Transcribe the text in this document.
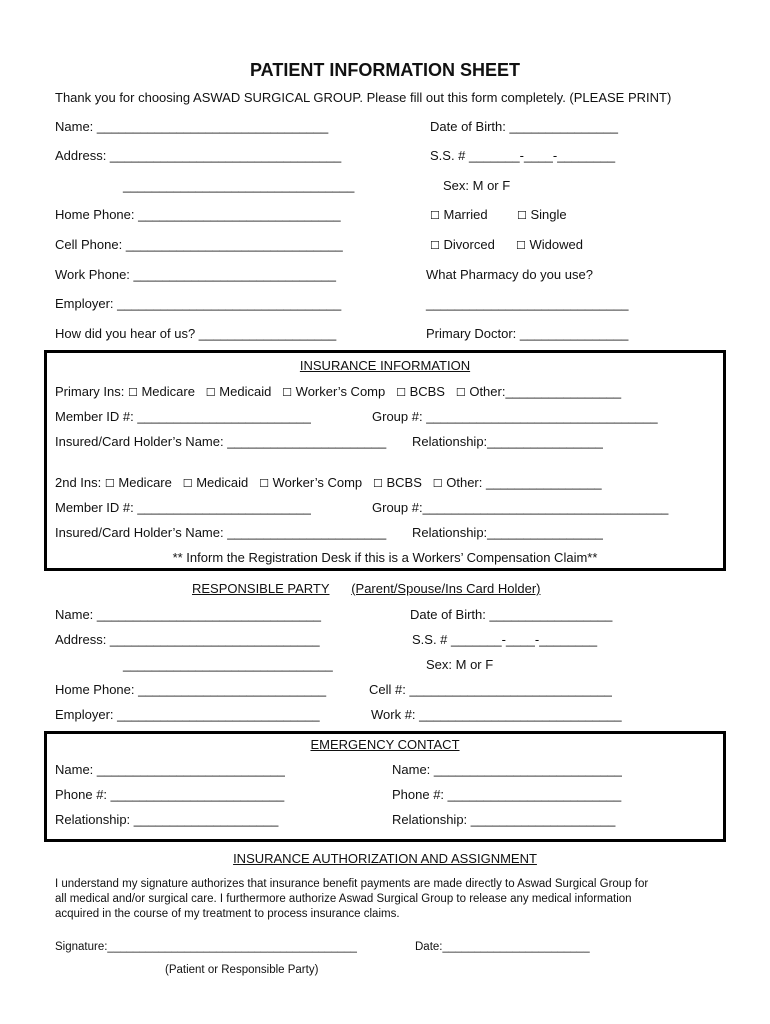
PATIENT INFORMATION SHEET
Thank you for choosing ASWAD SURGICAL GROUP. Please fill out this form completely. (PLEASE PRINT)
Name: ________________________________	Date of Birth: _______________
Address: ________________________________	S.S. # _______-____-________
________________________________	Sex: M or F
Home Phone: ____________________________	☐ Married	☐ Single
Cell Phone: ______________________________	☐ Divorced ☐ Widowed
Work Phone: ____________________________	What Pharmacy do you use?
Employer: _______________________________	____________________________
How did you hear of us? ___________________	Primary Doctor: _______________
INSURANCE INFORMATION
Primary Ins: ☐ Medicare ☐ Medicaid ☐ Worker’s Comp ☐ BCBS ☐ Other:________________
Member ID #: ________________________	Group #: ________________________________
Insured/Card Holder’s Name: ______________________ Relationship:________________
2nd Ins: ☐ Medicare ☐ Medicaid ☐ Worker’s Comp ☐ BCBS ☐ Other: ________________
Member ID #: ________________________	Group #:__________________________________
Insured/Card Holder’s Name: ______________________ Relationship:________________
** Inform the Registration Desk if this is a Workers’ Compensation Claim**
RESPONSIBLE PARTY (Parent/Spouse/Ins Card Holder)
Name: _______________________________	Date of Birth: _________________
Address: _____________________________	S.S. # _______-____-________
_____________________________	Sex: M or F
Home Phone: __________________________	Cell #: ____________________________
Employer: ____________________________	Work #: ____________________________
EMERGENCY CONTACT
Name: __________________________	Name: __________________________
Phone #: ________________________	Phone #: ________________________
Relationship: ____________________	Relationship: ____________________
INSURANCE AUTHORIZATION AND ASSIGNMENT
I understand my signature authorizes that insurance benefit payments are made directly to Aswad Surgical Group for
all medical and/or surgical care. I furthermore authorize Aswad Surgical Group to release any medical information
acquired in the course of my treatment to process insurance claims.
Signature:_______________________________________	Date:_______________________
(Patient or Responsible Party)
